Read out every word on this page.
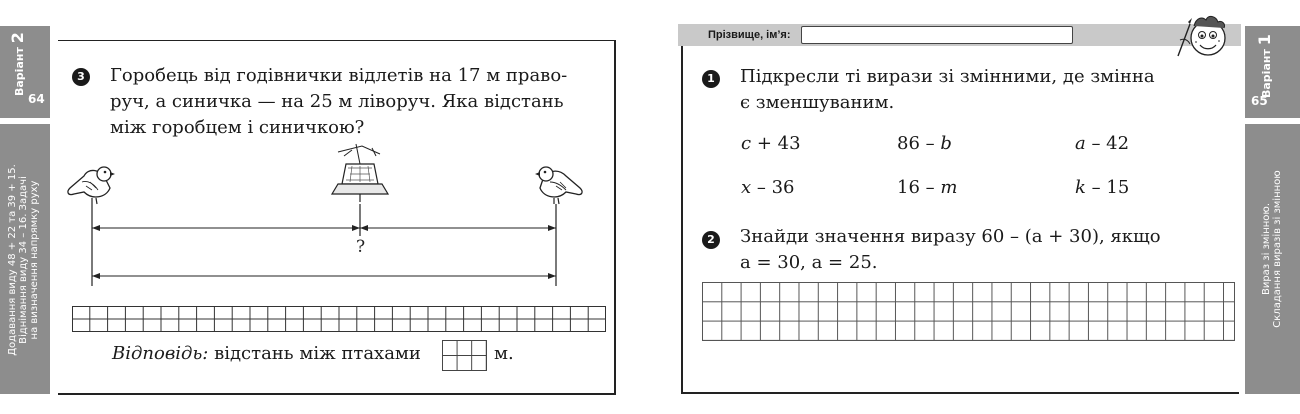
Варіант 2
64
Додавання виду 48 + 22 та 39 + 15. Віднімання виду 34 – 16. Задачі на визначення напрямку руху
3 Горобець від годівнички відлетів на 17 м право-
руч, а синичка — на 25 м ліворуч. Яка відстань
між горобцем і синичкою?
?
Відповідь: відстань між птахами	м.
Прізвище, ім’я:
Варіант 1
65
Вираз зі змінною. Складання виразів зі змінною
1 Підкресли ті вирази зі змінними, де змінна
є зменшуваним.
c + 43	86 – b	a – 42
x – 36	16 – m	k – 15
2 Знайди значення виразу 60 – (a + 30), якщо
a = 30, a = 25.
